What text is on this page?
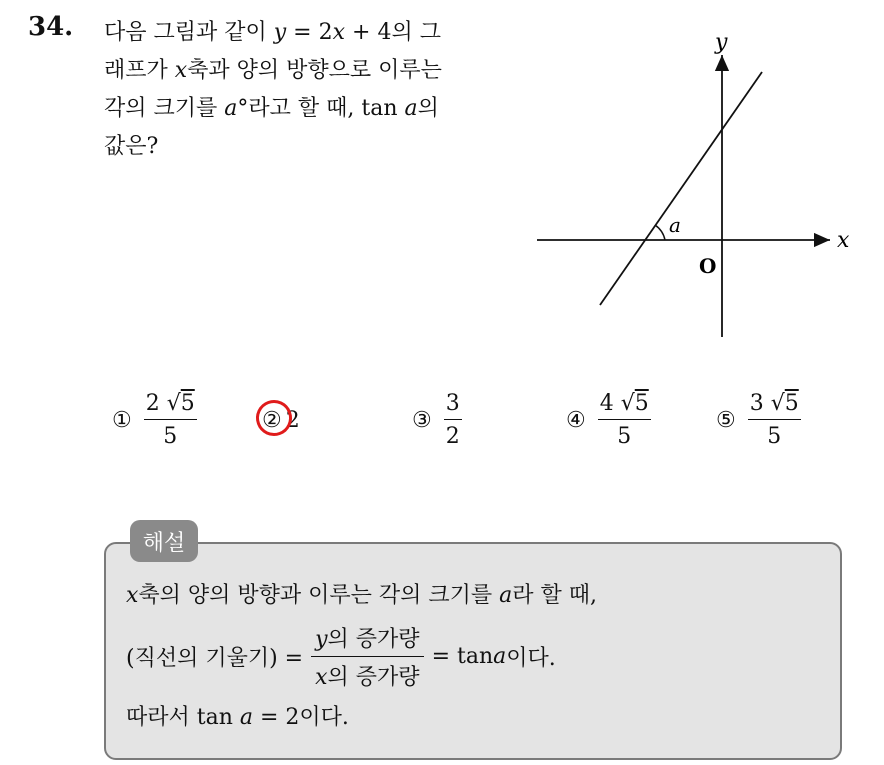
34. 다음 그림과 같이 y = 2x + 4의 그
래프가 x축과 양의 방향으로 이루는
각의 크기를 a°라고 할 때, tan a의
값은?
y
x
O
a
① $\frac{2 √5}{5}$	② 2	③ $\frac{3}{2}$	④ $\frac{4 √5}{5}$	⑤ $\frac{3 √5}{5}$
해설
x축의 양의 방향과 이루는 각의 크기를 a라 할 때,
(직선의 기울기) = $\frac{\text{y의 증가량}}{\text{x의 증가량}} = \tan a$ 이다.
따라서 tan a = 2이다.
